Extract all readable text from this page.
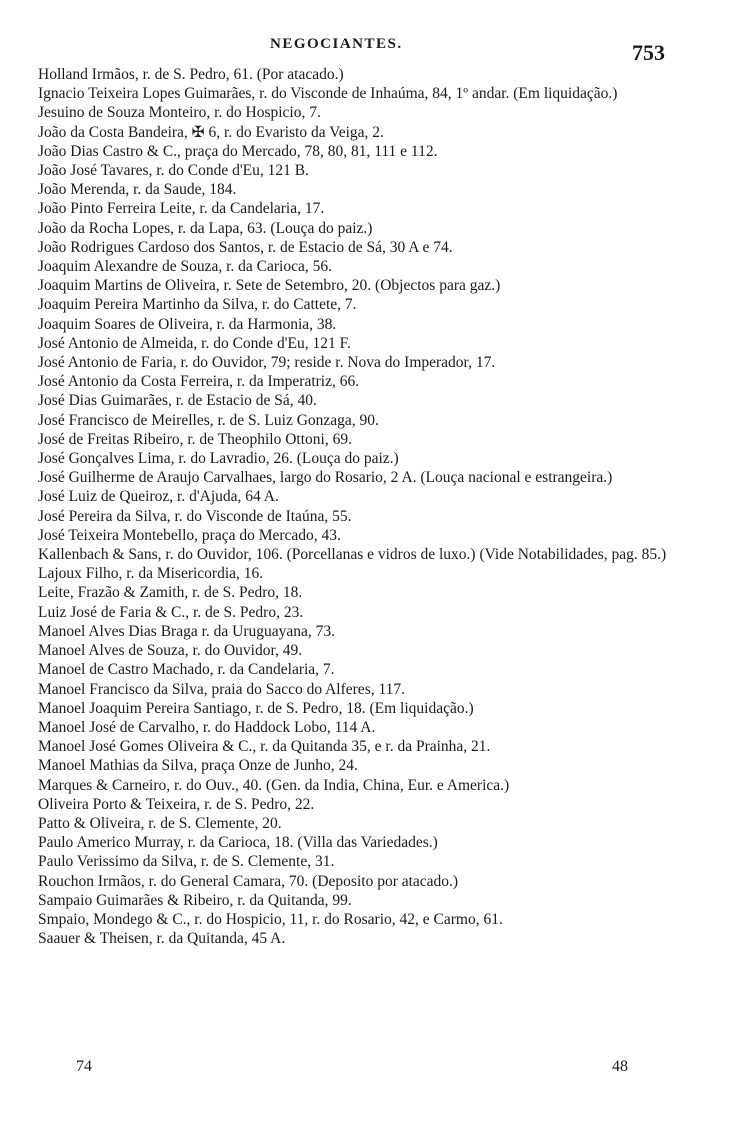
NEGOCIANTES.	753
Holland Irmãos, r. de S. Pedro, 61. (Por atacado.)
Ignacio Teixeira Lopes Guimarães, r. do Visconde de Inhaúma, 84, 1º andar. (Em liquidação.)
Jesuino de Souza Monteiro, r. do Hospicio, 7.
João da Costa Bandeira, ✠ 6, r. do Evaristo da Veiga, 2.
João Dias Castro & C., praça do Mercado, 78, 80, 81, 111 e 112.
João José Tavares, r. do Conde d'Eu, 121 B.
João Merenda, r. da Saude, 184.
João Pinto Ferreira Leite, r. da Candelaria, 17.
João da Rocha Lopes, r. da Lapa, 63. (Louça do paiz.)
João Rodrigues Cardoso dos Santos, r. de Estacio de Sá, 30 A e 74.
Joaquim Alexandre de Souza, r. da Carioca, 56.
Joaquim Martins de Oliveira, r. Sete de Setembro, 20. (Objectos para gaz.)
Joaquim Pereira Martinho da Silva, r. do Cattete, 7.
Joaquim Soares de Oliveira, r. da Harmonia, 38.
José Antonio de Almeida, r. do Conde d'Eu, 121 F.
José Antonio de Faria, r. do Ouvidor, 79; reside r. Nova do Imperador, 17.
José Antonio da Costa Ferreira, r. da Imperatriz, 66.
José Dias Guimarães, r. de Estacio de Sá, 40.
José Francisco de Meirelles, r. de S. Luiz Gonzaga, 90.
José de Freitas Ribeiro, r. de Theophilo Ottoni, 69.
José Gonçalves Lima, r. do Lavradio, 26. (Louça do paiz.)
José Guilherme de Araujo Carvalhaes, largo do Rosario, 2 A. (Louça nacional e estrangeira.)
José Luiz de Queiroz, r. d'Ajuda, 64 A.
José Pereira da Silva, r. do Visconde de Itaúna, 55.
José Teixeira Montebello, praça do Mercado, 43.
Kallenbach & Sans, r. do Ouvidor, 106. (Porcellanas e vidros de luxo.) (Vide Notabilidades, pag. 85.)
Lajoux Filho, r. da Misericordia, 16.
Leite, Frazão & Zamith, r. de S. Pedro, 18.
Luiz José de Faria & C., r. de S. Pedro, 23.
Manoel Alves Dias Braga r. da Uruguayana, 73.
Manoel Alves de Souza, r. do Ouvidor, 49.
Manoel de Castro Machado, r. da Candelaria, 7.
Manoel Francisco da Silva, praia do Sacco do Alferes, 117.
Manoel Joaquim Pereira Santiago, r. de S. Pedro, 18. (Em liquidação.)
Manoel José de Carvalho, r. do Haddock Lobo, 114 A.
Manoel José Gomes Oliveira & C., r. da Quitanda 35, e r. da Prainha, 21.
Manoel Mathias da Silva, praça Onze de Junho, 24.
Marques & Carneiro, r. do Ouv., 40. (Gen. da India, China, Eur. e America.)
Oliveira Porto & Teixeira, r. de S. Pedro, 22.
Patto & Oliveira, r. de S. Clemente, 20.
Paulo Americo Murray, r. da Carioca, 18. (Villa das Variedades.)
Paulo Verissimo da Silva, r. de S. Clemente, 31.
Rouchon Irmãos, r. do General Camara, 70. (Deposito por atacado.)
Sampaio Guimarães & Ribeiro, r. da Quitanda, 99.
Smpaio, Mondego & C., r. do Hospicio, 11, r. do Rosario, 42, e Carmo, 61.
Saauer & Theisen, r. da Quitanda, 45 A.
74	48
